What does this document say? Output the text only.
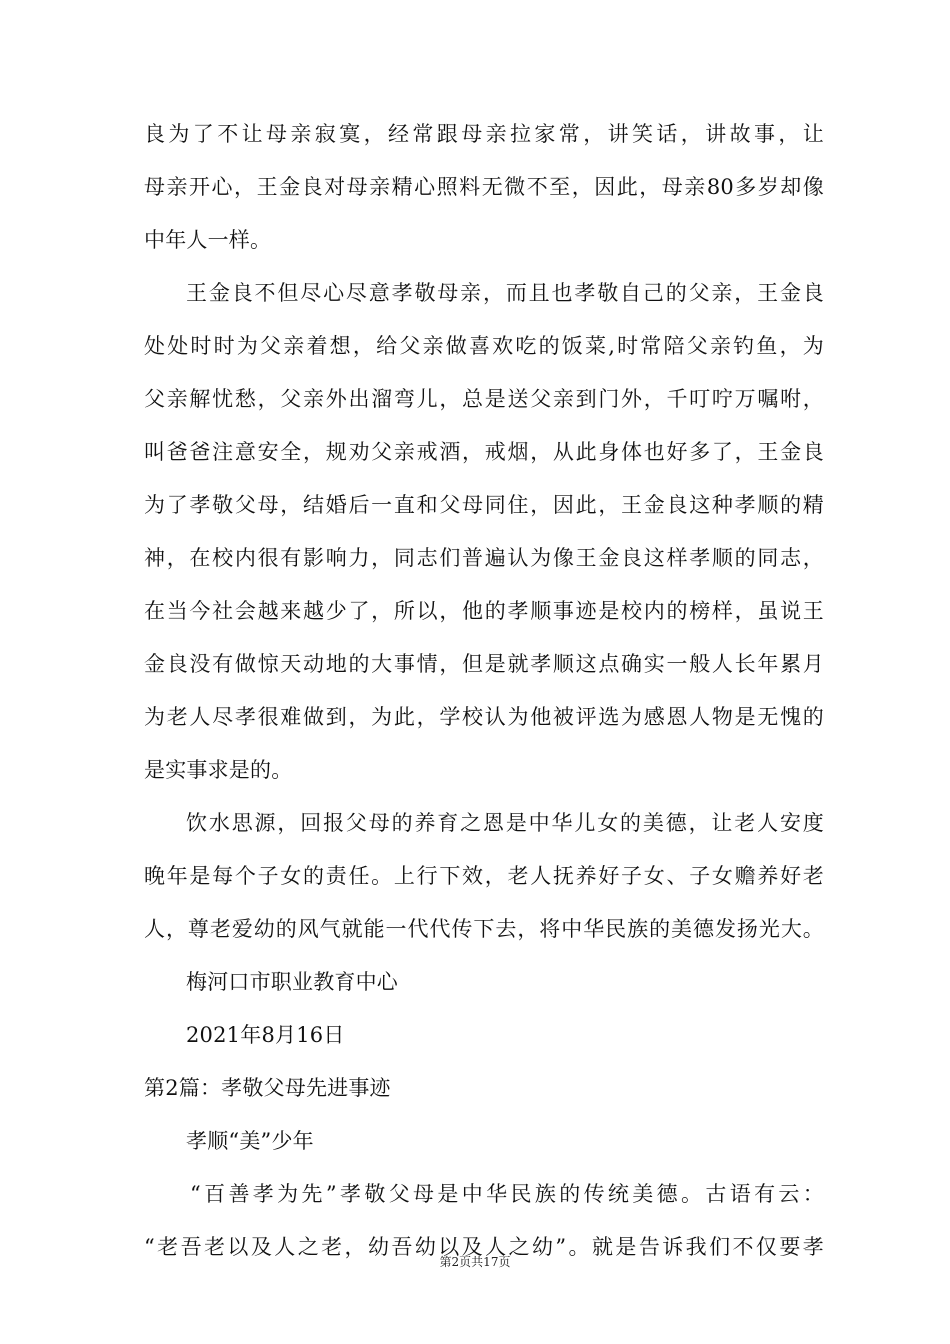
良为了不让母亲寂寞，经常跟母亲拉家常，讲笑话，讲故事，让
母亲开心，王金良对母亲精心照料无微不至，因此，母亲80多岁却像
中年人一样。
王金良不但尽心尽意孝敬母亲，而且也孝敬自己的父亲，王金良
处处时时为父亲着想，给父亲做喜欢吃的饭菜,时常陪父亲钓鱼，为
父亲解忧愁，父亲外出溜弯儿，总是送父亲到门外，千叮咛万嘱咐，
叫爸爸注意安全，规劝父亲戒酒，戒烟，从此身体也好多了，王金良
为了孝敬父母，结婚后一直和父母同住，因此，王金良这种孝顺的精
神，在校内很有影响力，同志们普遍认为像王金良这样孝顺的同志，
在当今社会越来越少了，所以，他的孝顺事迹是校内的榜样，虽说王
金良没有做惊天动地的大事情，但是就孝顺这点确实一般人长年累月
为老人尽孝很难做到，为此，学校认为他被评选为感恩人物是无愧的
是实事求是的。
饮水思源，回报父母的养育之恩是中华儿女的美德，让老人安度
晚年是每个子女的责任。上行下效，老人抚养好子女、子女赡养好老
人，尊老爱幼的风气就能一代代传下去，将中华民族的美德发扬光大。
梅河口市职业教育中心
2021年8月16日
第2篇：孝敬父母先进事迹
孝顺“美”少年
“百善孝为先”孝敬父母是中华民族的传统美德。古语有云：
“老吾老以及人之老，幼吾幼以及人之幼”。就是告诉我们不仅要孝
第2页共17页
